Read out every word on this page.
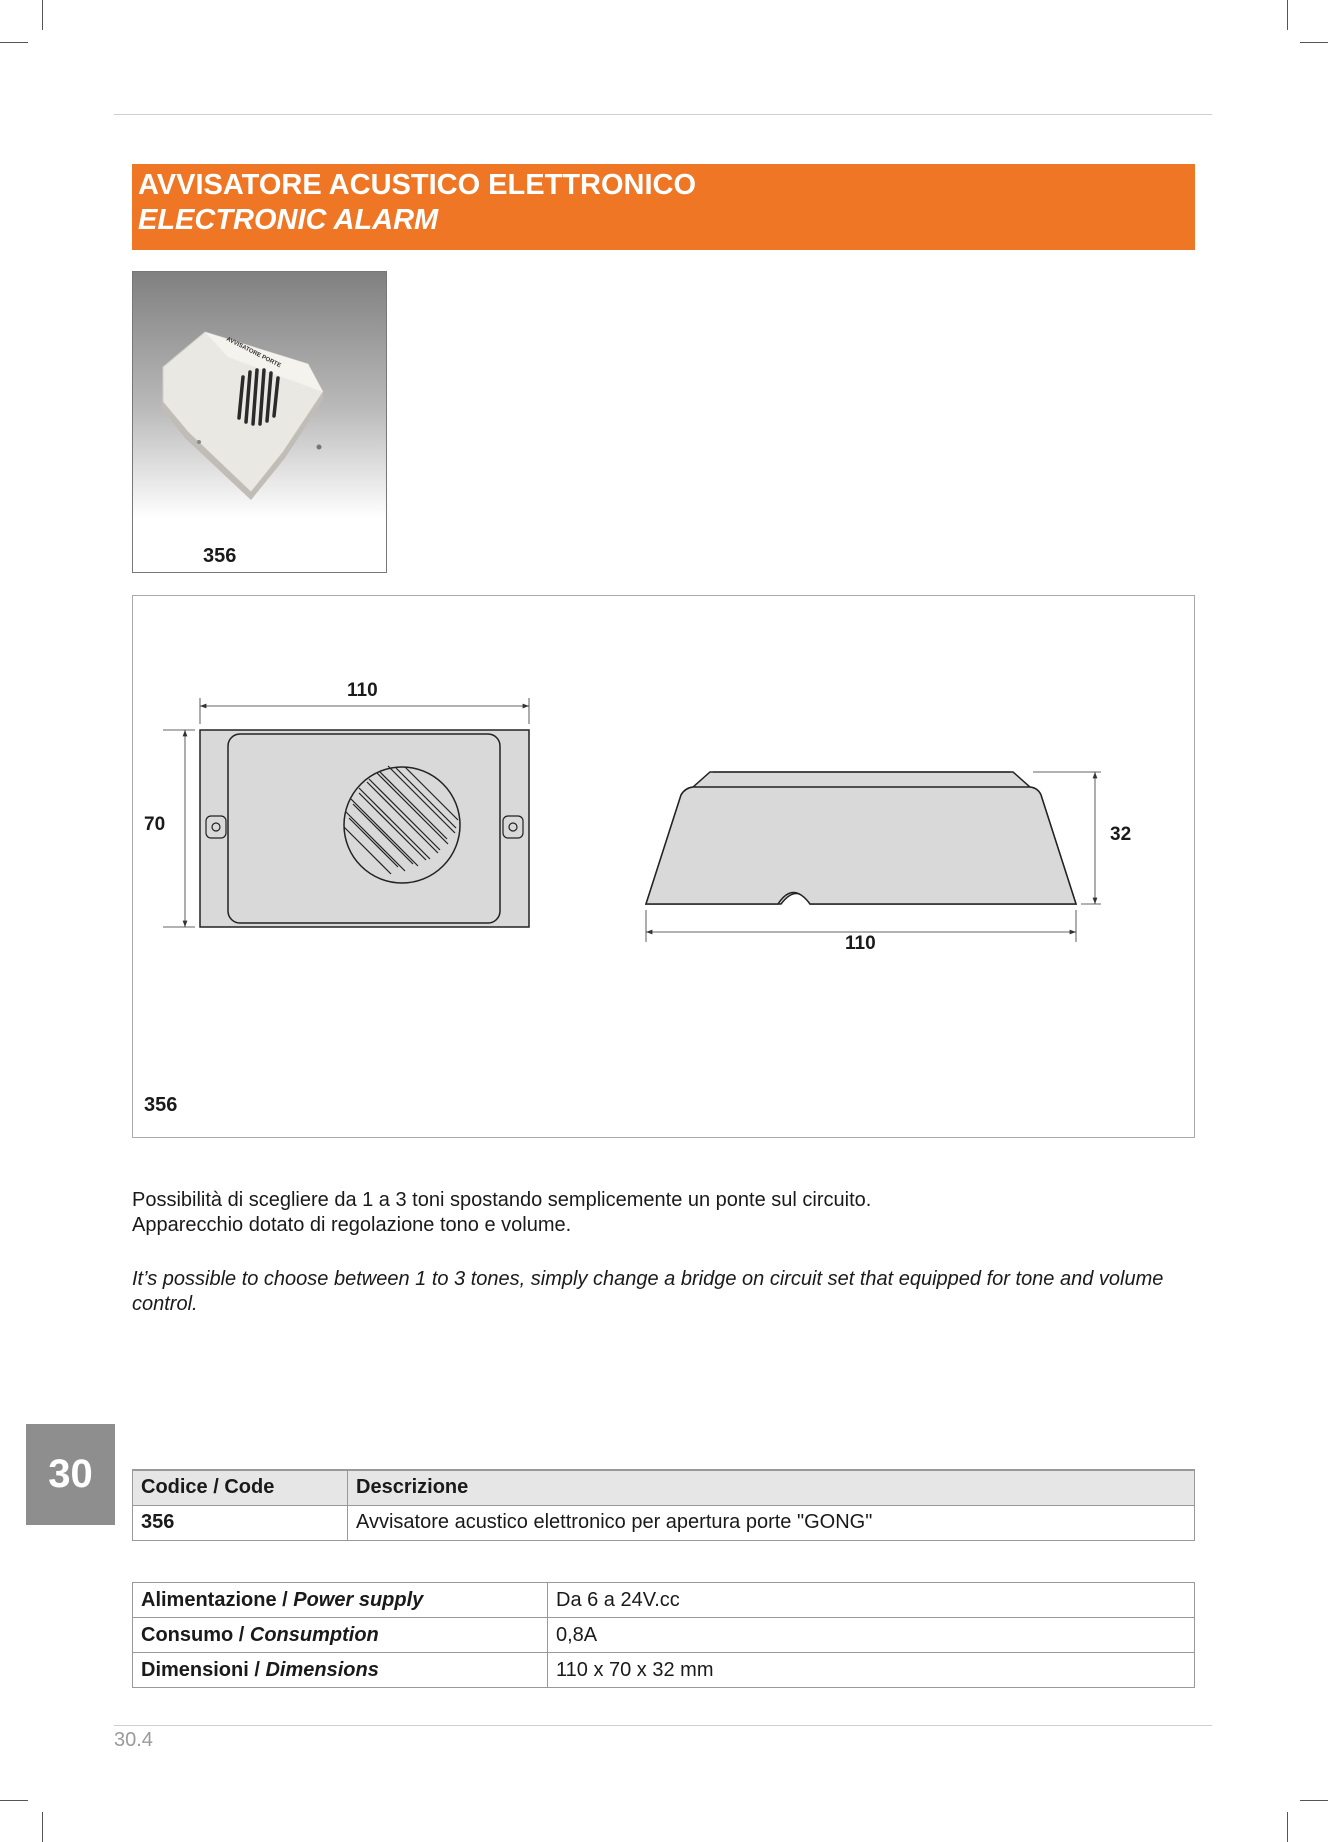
AVVISATORE ACUSTICO ELETTRONICO
ELECTRONIC ALARM
AVVISATORE PORTE
356
110
70	32
110
356
Possibilità di scegliere da 1 a 3 toni spostando semplicemente un ponte sul circuito.
Apparecchio dotato di regolazione tono e volume.
It’s possible to choose between 1 to 3 tones, simply change a bridge on circuit set that equipped for tone and volume control.
30	Codice / Code	Descrizione
356	Avvisatore acustico elettronico per apertura porte "GONG"
Alimentazione / Power supply	Da 6 a 24V.cc
Consumo / Consumption	0,8A
Dimensioni / Dimensions	110 x 70 x 32 mm
30.4
